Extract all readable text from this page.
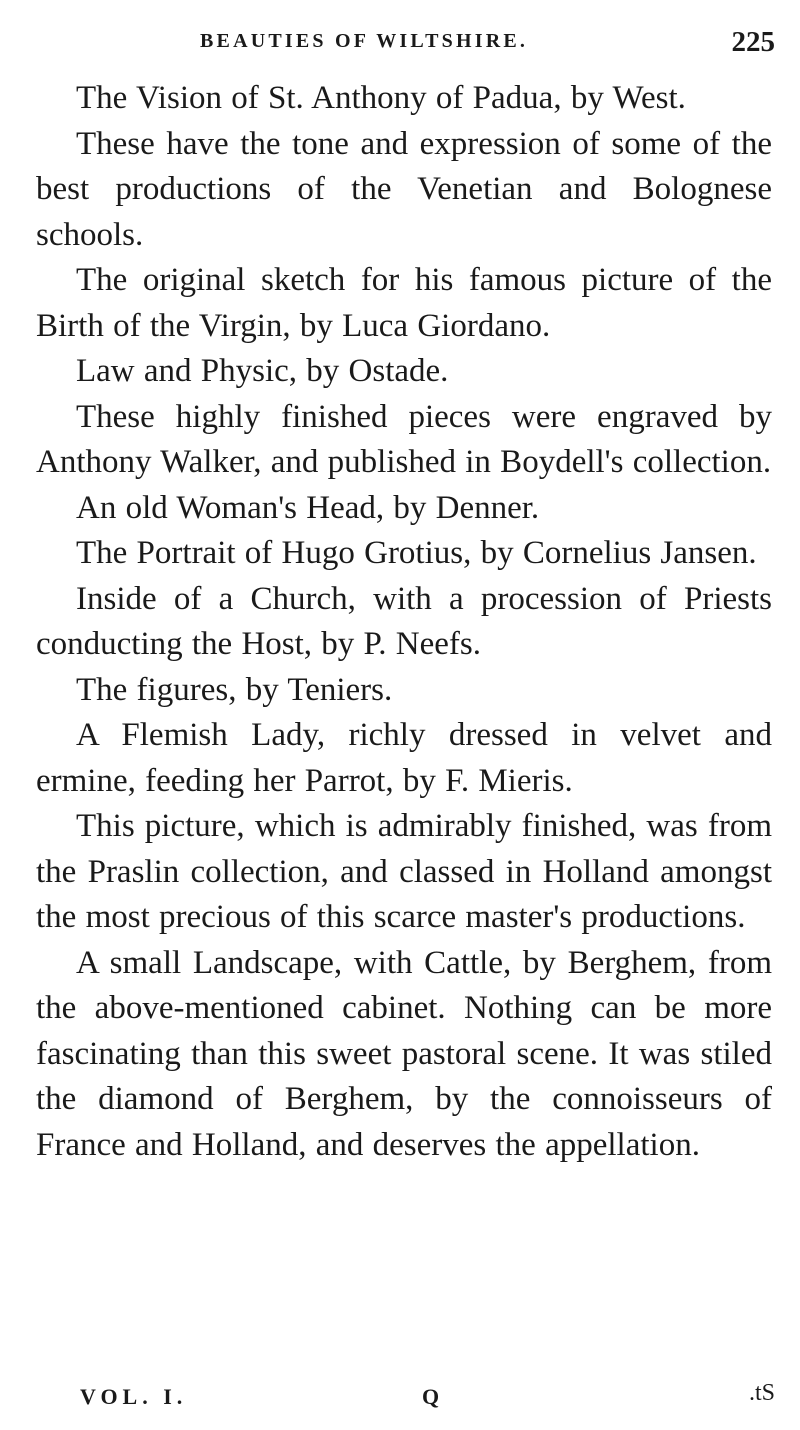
BEAUTIES OF WILTSHIRE.	225

The Vision of St. Anthony of Padua, by West.

These have the tone and expression of some of the best productions of the Venetian and Bolognese schools.

The original sketch for his famous picture of the Birth of the Virgin, by Luca Giordano.

Law and Physic, by Ostade.

These highly finished pieces were engraved by Anthony Walker, and published in Boydell's collection.

An old Woman's Head, by Denner.

The Portrait of Hugo Grotius, by Cornelius Jansen.

Inside of a Church, with a procession of Priests conducting the Host, by P. Neefs.

The figures, by Teniers.

A Flemish Lady, richly dressed in velvet and ermine, feeding her Parrot, by F. Mieris.

This picture, which is admirably finished, was from the Praslin collection, and classed in Holland amongst the most precious of this scarce master's productions.

A small Landscape, with Cattle, by Berghem, from the above-mentioned cabinet. Nothing can be more fascinating than this sweet pastoral scene. It was stiled the diamond of Berghem, by the connoisseurs of France and Holland, and deserves the appellation.

VOL. I.	Q	.tS
